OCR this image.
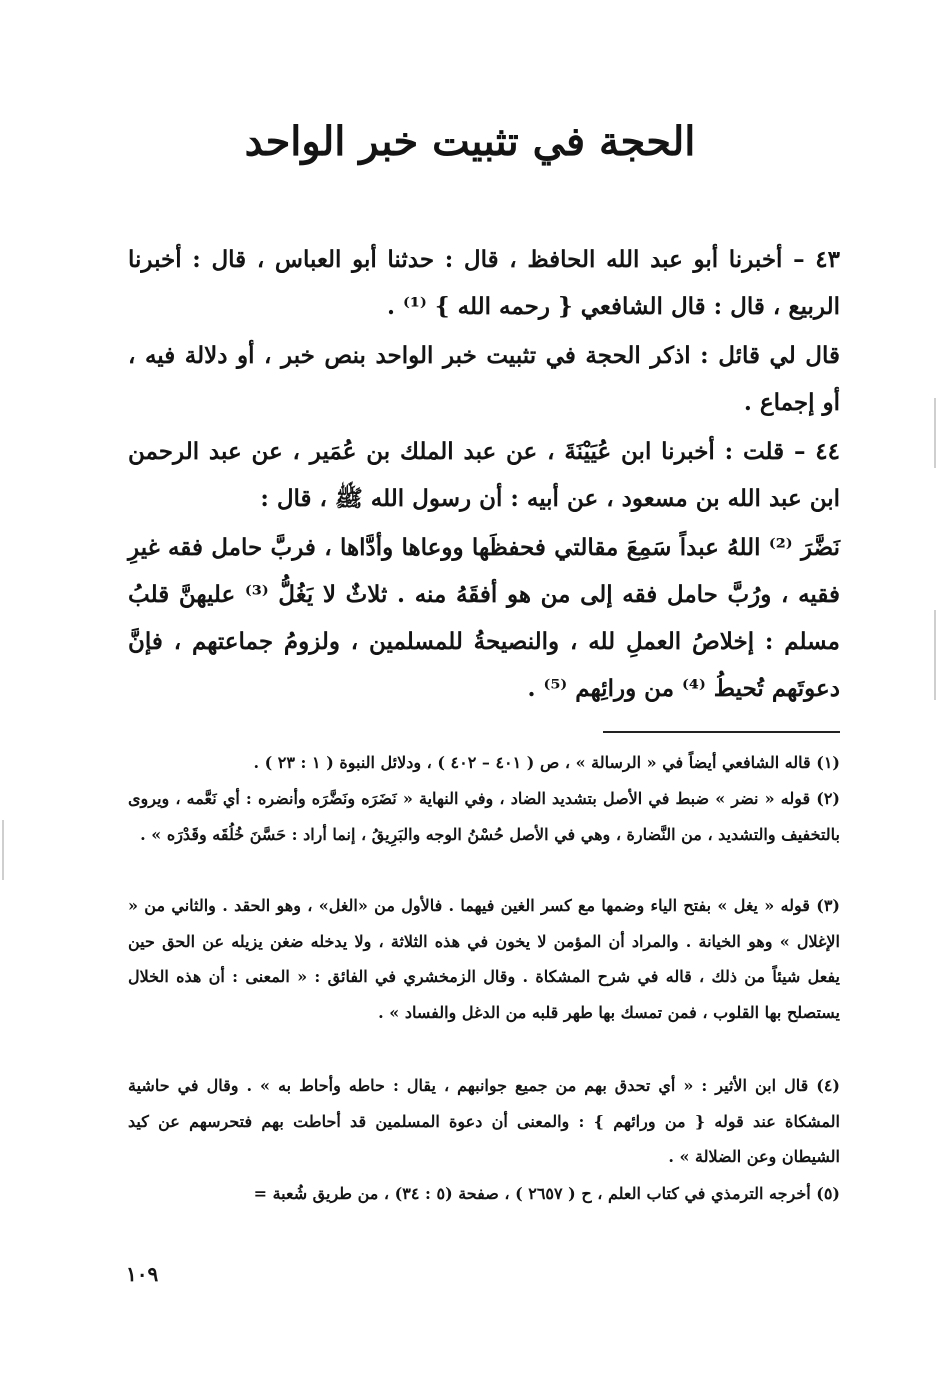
الحجة في تثبيت خبر الواحد

٤٣ – أخبرنا أبو عبد الله الحافظ ، قال : حدثنا أبو العباس ، قال : أخبرنا الربيع ، قال : قال الشافعي { رحمه الله } ⁽¹⁾ .

قال لي قائل : اذكر الحجة في تثبيت خبر الواحد بنص خبر ، أو دلالة فيه ، أو إجماع .

٤٤ – قلت : أخبرنا ابن عُيَيْنَةَ ، عن عبد الملك بن عُمَير ، عن عبد الرحمن ابن عبد الله بن مسعود ، عن أبيه : أن رسول الله ﷺ ، قال :

نَضَّرَ ⁽²⁾ اللهُ عبداً سَمِعَ مقالتي فحفظَها ووعاها وأدَّاها ، فربَّ حامل فقه غيرِ فقيه ، ورُبَّ حامل فقه إلى من هو أفقَهُ منه . ثلاثٌ لا يَغُلُّ ⁽³⁾ عليهنَّ قلبُ مسلم : إخلاصُ العملِ لله ، والنصيحةُ للمسلمين ، ولزومُ جماعتهم ، فإنَّ دعوتَهم تُحيطُ ⁽⁴⁾ من ورائِهم ⁽⁵⁾ .

(١) قاله الشافعي أيضاً في « الرسالة » ، ص ( ٤٠١ – ٤٠٢ ) ، ودلائل النبوة ( ١ : ٢٣ ) .

(٢) قوله « نضر » ضبط في الأصل بتشديد الضاد ، وفي النهاية « نَضَرَه ونَضَّرَه وأنضره : أي نَعَّمه ، ويروى بالتخفيف والتشديد ، من النَّضارة ، وهي في الأصل حُسْنُ الوجه والبَرِيقُ ، إنما أراد : حَسَّنَ خُلُقَه وقَدْرَه » .

(٣) قوله « يغل » بفتح الياء وضمها مع كسر الغين فيهما . فالأول من «الغل» ، وهو الحقد . والثاني من « الإغلال » وهو الخيانة . والمراد أن المؤمن لا يخون في هذه الثلاثة ، ولا يدخله ضغن يزيله عن الحق حين يفعل شيئاً من ذلك ، قاله في شرح المشكاة . وقال الزمخشري في الفائق : « المعنى : أن هذه الخلال يستصلح بها القلوب ، فمن تمسك بها طهر قلبه من الدغل والفساد » .

(٤) قال ابن الأثير : « أي تحدق بهم من جميع جوانبهم ، يقال : حاطه وأحاط به » . وقال في حاشية المشكاة عند قوله { من ورائهم } : والمعنى أن دعوة المسلمين قد أحاطت بهم فتحرسهم عن كيد الشيطان وعن الضلالة » .

(٥) أخرجه الترمذي في كتاب العلم ، ح ( ٢٦٥٧ ) ، صفحة (٥ : ٣٤) ، من طريق شُعبة =

١٠٩
